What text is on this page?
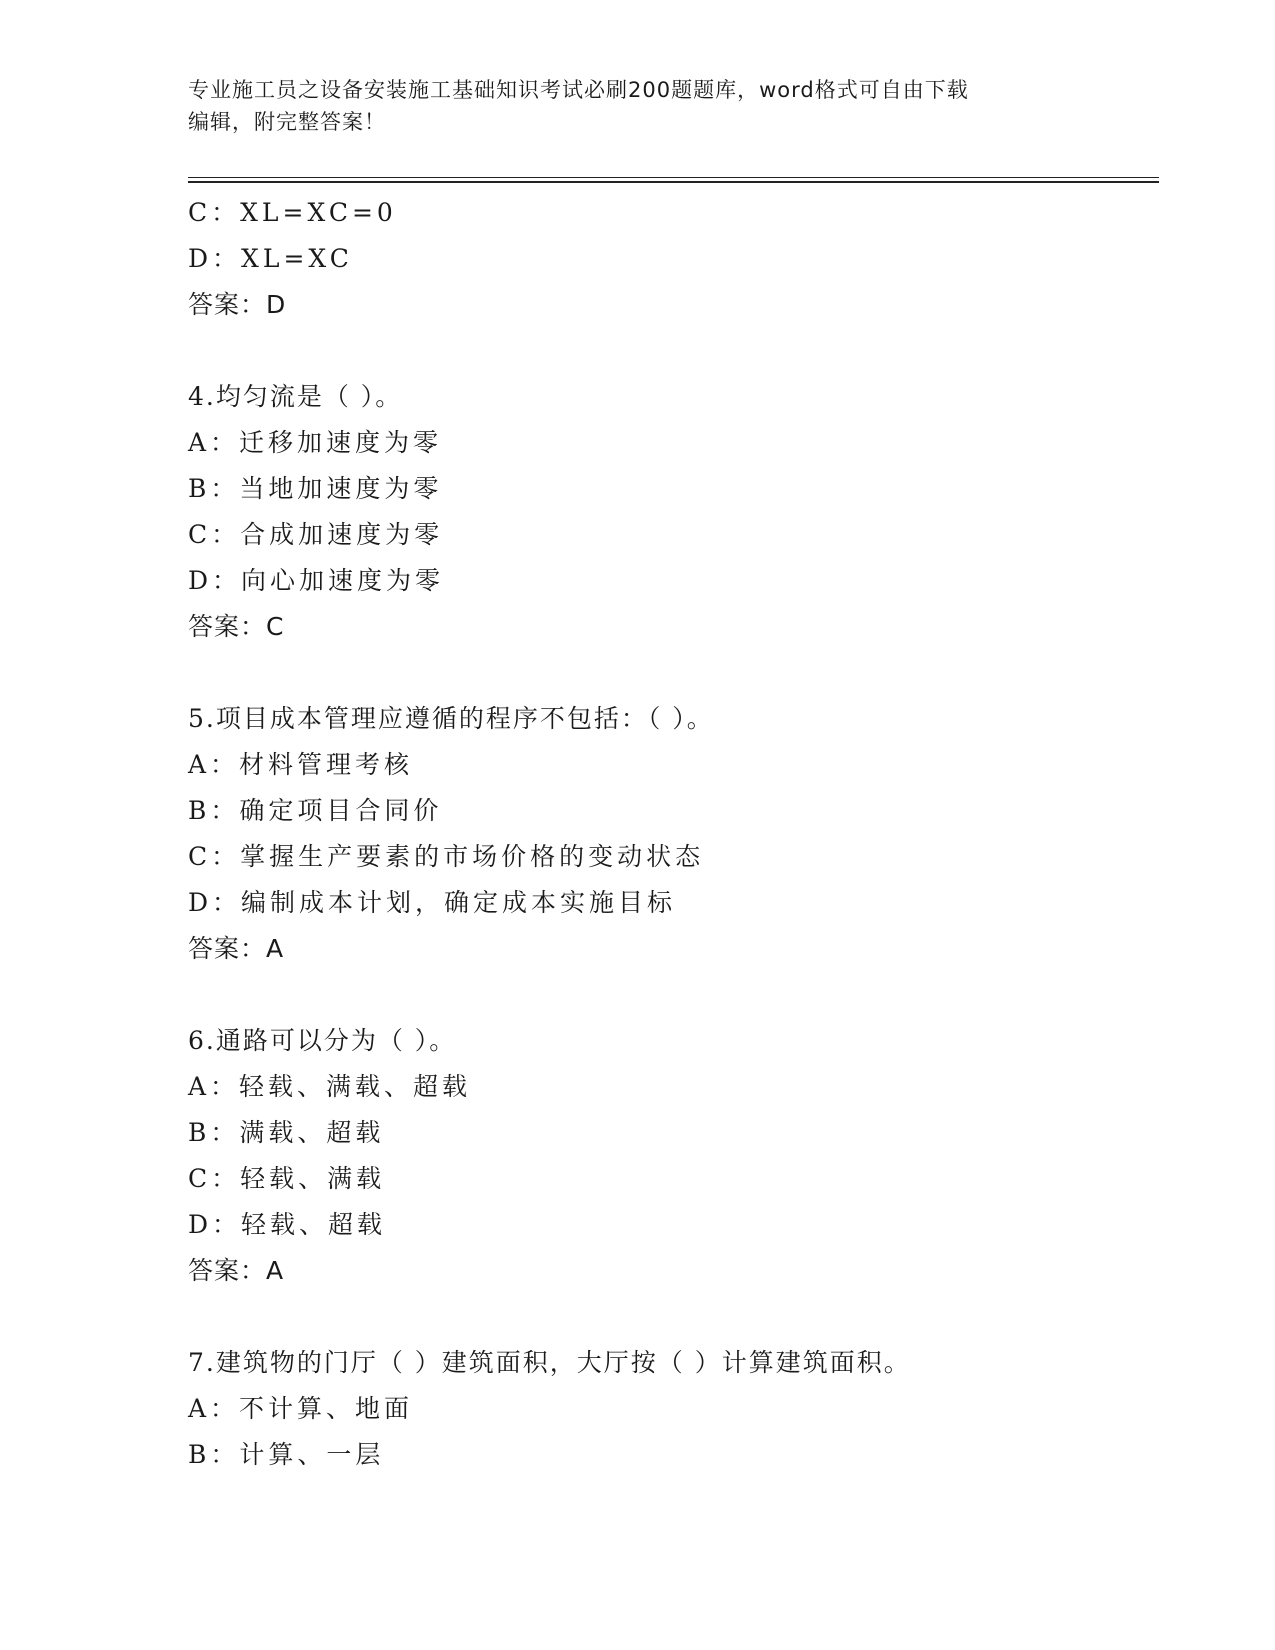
专业施工员之设备安装施工基础知识考试必刷200题题库，word格式可自由下载
编辑，附完整答案！
C：XL=XC=0
D：XL=XC
答案：D
4.均匀流是（ ）。
A：迁移加速度为零
B：当地加速度为零
C：合成加速度为零
D：向心加速度为零
答案：C
5.项目成本管理应遵循的程序不包括：（ ）。
A：材料管理考核
B：确定项目合同价
C：掌握生产要素的市场价格的变动状态
D：编制成本计划，确定成本实施目标
答案：A
6.通路可以分为（ ）。
A：轻载、满载、超载
B：满载、超载
C：轻载、满载
D：轻载、超载
答案：A
7.建筑物的门厅（ ）建筑面积，大厅按（ ）计算建筑面积。
A：不计算、地面
B：计算、一层
